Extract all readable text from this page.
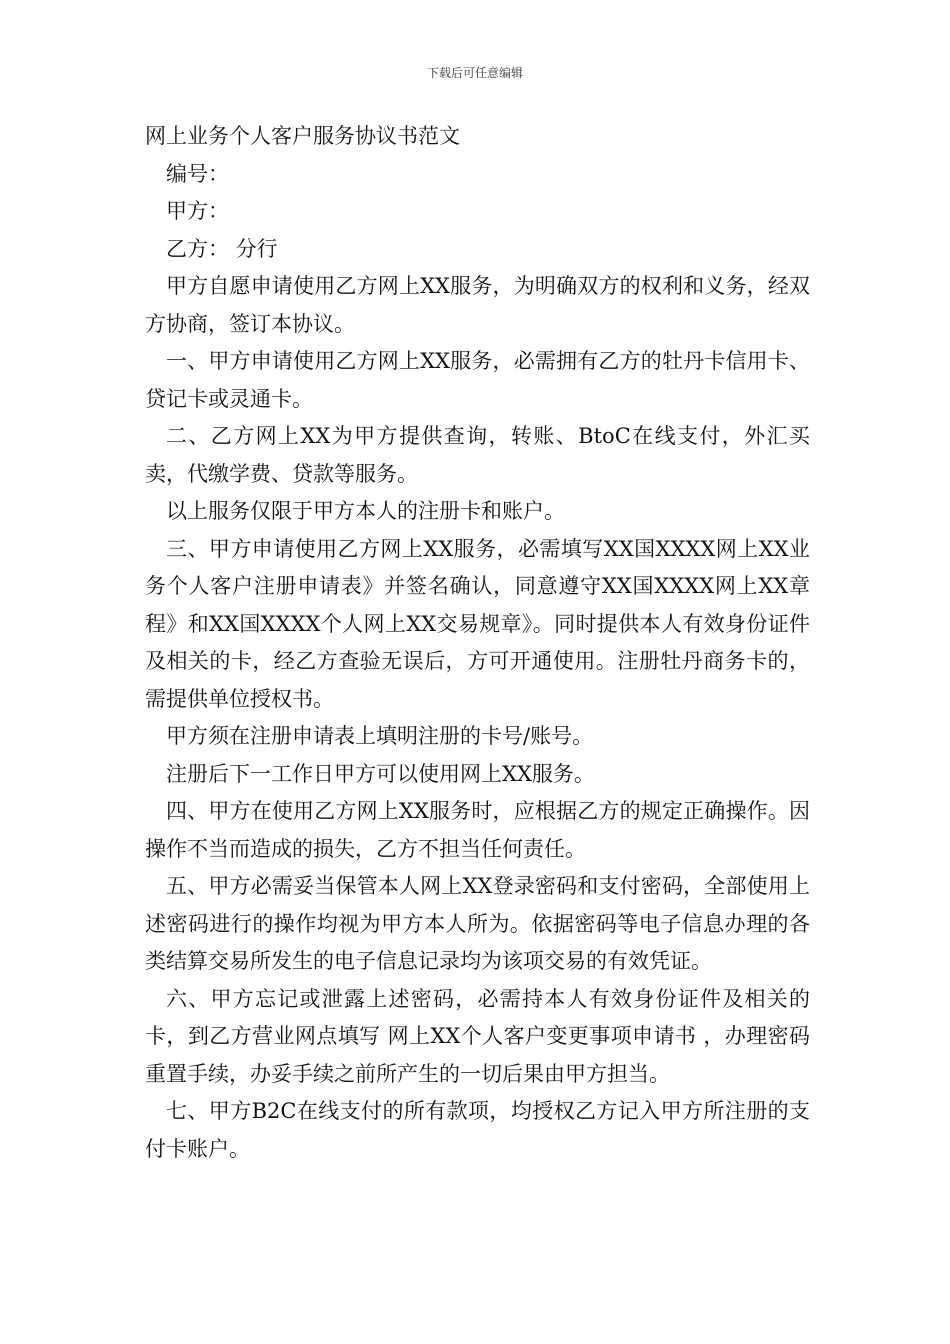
下载后可任意编辑

网上业务个人客户服务协议书范文

编号：

甲方：

乙方： 分行

甲方自愿申请使用乙方网上XX服务，为明确双方的权利和义务，经双方协商，签订本协议。

一、甲方申请使用乙方网上XX服务，必需拥有乙方的牡丹卡信用卡、贷记卡或灵通卡。

二、乙方网上XX为甲方提供查询，转账、BtoC在线支付，外汇买卖，代缴学费、贷款等服务。

以上服务仅限于甲方本人的注册卡和账户。

三、甲方申请使用乙方网上XX服务，必需填写XX国XXXX网上XX业务个人客户注册申请表》并签名确认，同意遵守XX国XXXX网上XX章程》和XX国XXXX个人网上XX交易规章》。同时提供本人有效身份证件及相关的卡，经乙方查验无误后，方可开通使用。注册牡丹商务卡的，需提供单位授权书。

甲方须在注册申请表上填明注册的卡号/账号。

注册后下一工作日甲方可以使用网上XX服务。

四、甲方在使用乙方网上XX服务时，应根据乙方的规定正确操作。因操作不当而造成的损失，乙方不担当任何责任。

五、甲方必需妥当保管本人网上XX登录密码和支付密码，全部使用上述密码进行的操作均视为甲方本人所为。依据密码等电子信息办理的各类结算交易所发生的电子信息记录均为该项交易的有效凭证。

六、甲方忘记或泄露上述密码，必需持本人有效身份证件及相关的卡，到乙方营业网点填写 网上XX个人客户变更事项申请书 ，办理密码重置手续，办妥手续之前所产生的一切后果由甲方担当。

七、甲方B2C在线支付的所有款项，均授权乙方记入甲方所注册的支付卡账户。
